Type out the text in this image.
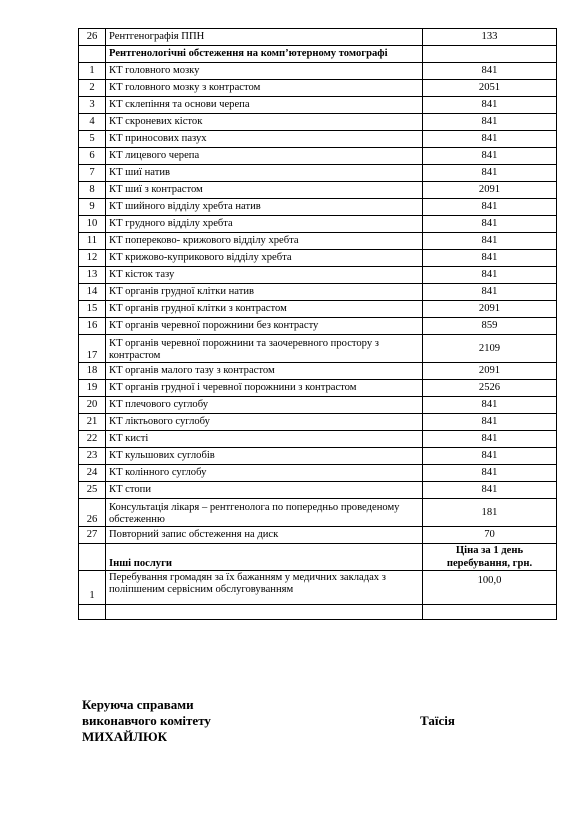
26	Рентгенографія ППН	133
	Рентгенологічні обстеження на комп’ютерному томографі	
1	КТ головного мозку	841
2	КТ головного мозку з контрастом	2051
3	КТ склепіння та основи черепа	841
4	КТ скроневих кісток	841
5	КТ приносових пазух	841
6	КТ лицевого черепа	841
7	КТ шиї натив	841
8	КТ шиї з контрастом	2091
9	КТ шийного відділу хребта натив	841
10	КТ грудного відділу хребта	841
11	КТ попереково- крижового відділу хребта	841
12	КТ крижово-куприкового відділу хребта	841
13	КТ кісток тазу	841
14	КТ органів грудної клітки натив	841
15	КТ органів грудної клітки з контрастом	2091
16	КТ органів черевної порожнини без контрасту	859
17	КТ органів черевної порожнини та заочеревного простору з контрастом	2109
18	КТ органів малого тазу з контрастом	2091
19	КТ органів грудної і черевної порожнини з контрастом	2526
20	КТ плечового суглобу	841
21	КТ ліктьового суглобу	841
22	КТ кисті	841
23	КТ кульшових суглобів	841
24	КТ колінного суглобу	841
25	КТ стопи	841
26	Консультація лікаря – рентгенолога по попередньо проведеному обстеженню	181
27	Повторний запис обстеження на диск	70
	Інші послуги	Ціна за 1 день
перебування, грн.

1	Перебування громадян за їх бажанням у медичних закладах з поліпшеним сервісним обслуговуванням	100,0

Керуюча справами
виконавчого комітету
МИХАЙЛЮК
Таїсія
